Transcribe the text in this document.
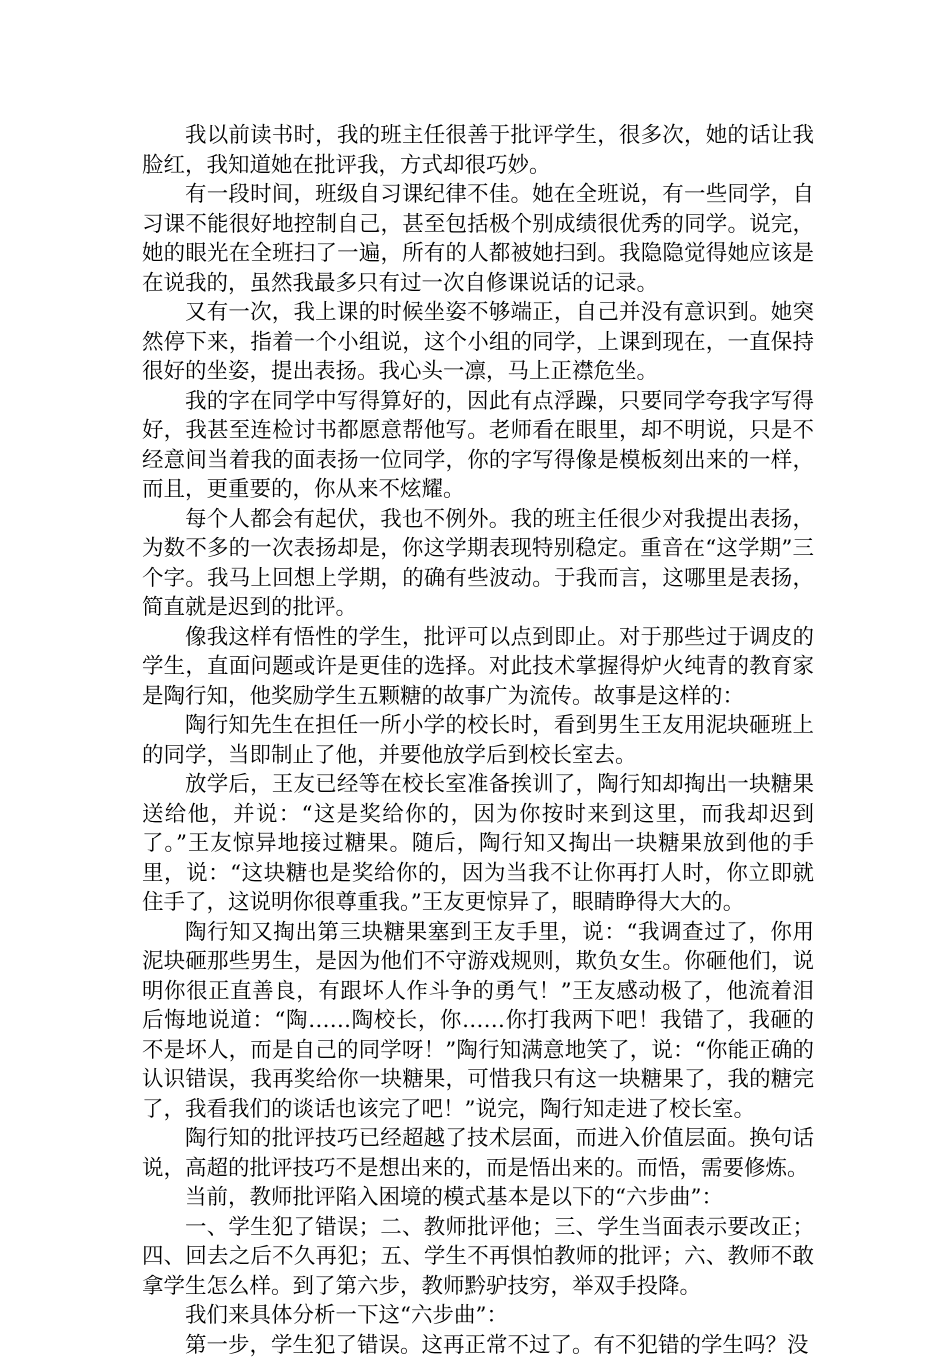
我以前读书时，我的班主任很善于批评学生，很多次，她的话让我脸红，我知道她在批评我，方式却很巧妙。

有一段时间，班级自习课纪律不佳。她在全班说，有一些同学，自习课不能很好地控制自己，甚至包括极个别成绩很优秀的同学。说完，她的眼光在全班扫了一遍，所有的人都被她扫到。我隐隐觉得她应该是在说我的，虽然我最多只有过一次自修课说话的记录。

又有一次，我上课的时候坐姿不够端正，自己并没有意识到。她突然停下来，指着一个小组说，这个小组的同学，上课到现在，一直保持很好的坐姿，提出表扬。我心头一凛，马上正襟危坐。

我的字在同学中写得算好的，因此有点浮躁，只要同学夸我字写得好，我甚至连检讨书都愿意帮他写。老师看在眼里，却不明说，只是不经意间当着我的面表扬一位同学，你的字写得像是模板刻出来的一样，而且，更重要的，你从来不炫耀。

每个人都会有起伏，我也不例外。我的班主任很少对我提出表扬，为数不多的一次表扬却是，你这学期表现特别稳定。重音在“这学期”三个字。我马上回想上学期，的确有些波动。于我而言，这哪里是表扬，简直就是迟到的批评。

像我这样有悟性的学生，批评可以点到即止。对于那些过于调皮的学生，直面问题或许是更佳的选择。对此技术掌握得炉火纯青的教育家是陶行知，他奖励学生五颗糖的故事广为流传。故事是这样的：

陶行知先生在担任一所小学的校长时，看到男生王友用泥块砸班上的同学，当即制止了他，并要他放学后到校长室去。

放学后，王友已经等在校长室准备挨训了，陶行知却掏出一块糖果送给他，并说：“这是奖给你的，因为你按时来到这里，而我却迟到了。”王友惊异地接过糖果。随后，陶行知又掏出一块糖果放到他的手里，说：“这块糖也是奖给你的，因为当我不让你再打人时，你立即就住手了，这说明你很尊重我。”王友更惊异了，眼睛睁得大大的。

陶行知又掏出第三块糖果塞到王友手里，说：“我调查过了，你用泥块砸那些男生，是因为他们不守游戏规则，欺负女生。你砸他们，说明你很正直善良，有跟坏人作斗争的勇气！”王友感动极了，他流着泪后悔地说道：“陶……陶校长，你……你打我两下吧！我错了，我砸的不是坏人，而是自己的同学呀！”陶行知满意地笑了，说：“你能正确的认识错误，我再奖给你一块糖果，可惜我只有这一块糖果了，我的糖完了，我看我们的谈话也该完了吧！”说完，陶行知走进了校长室。

陶行知的批评技巧已经超越了技术层面，而进入价值层面。换句话说，高超的批评技巧不是想出来的，而是悟出来的。而悟，需要修炼。

当前，教师批评陷入困境的模式基本是以下的“六步曲”：

一、学生犯了错误；二、教师批评他；三、学生当面表示要改正；四、回去之后不久再犯；五、学生不再惧怕教师的批评；六、教师不敢拿学生怎么样。到了第六步，教师黔驴技穷，举双手投降。

我们来具体分析一下这“六步曲”：

第一步，学生犯了错误。这再正常不过了。有不犯错的学生吗？没
